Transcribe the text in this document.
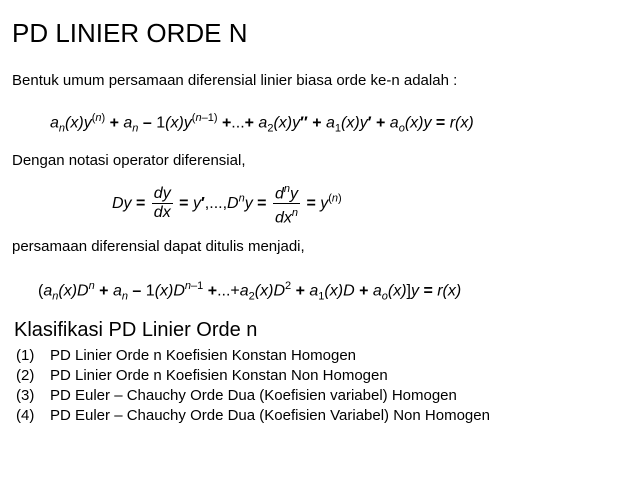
PD LINIER ORDE N
Bentuk umum persamaan diferensial linier biasa orde ke-n adalah :
$a_n(x)y^{(n)} + a_n - 1(x)y^{(n-1)}$ +...+ $a_2(x)y'' + a_1(x)y' + a_o(x)y = r(x)$
Dengan notasi operator diferensial,
$Dy = \frac{dy}{dx} = y',...,D^ny = \frac{d^ny}{dx^n} = y^{(n)}$
persamaan diferensial dapat ditulis menjadi,
$(a_n(x)D^n + a_n - 1(x)D^{n-1} +...+a_2(x)D^2 + a_1(x)D + a_o(x)]y = r(x)$
Klasifikasi PD Linier Orde n
(1)	PD Linier Orde n Koefisien Konstan Homogen
(2)	PD Linier Orde n Koefisien Konstan Non Homogen
(3)	PD Euler – Chauchy Orde Dua (Koefisien variabel) Homogen
(4)	PD Euler – Chauchy Orde Dua (Koefisien Variabel) Non Homogen
